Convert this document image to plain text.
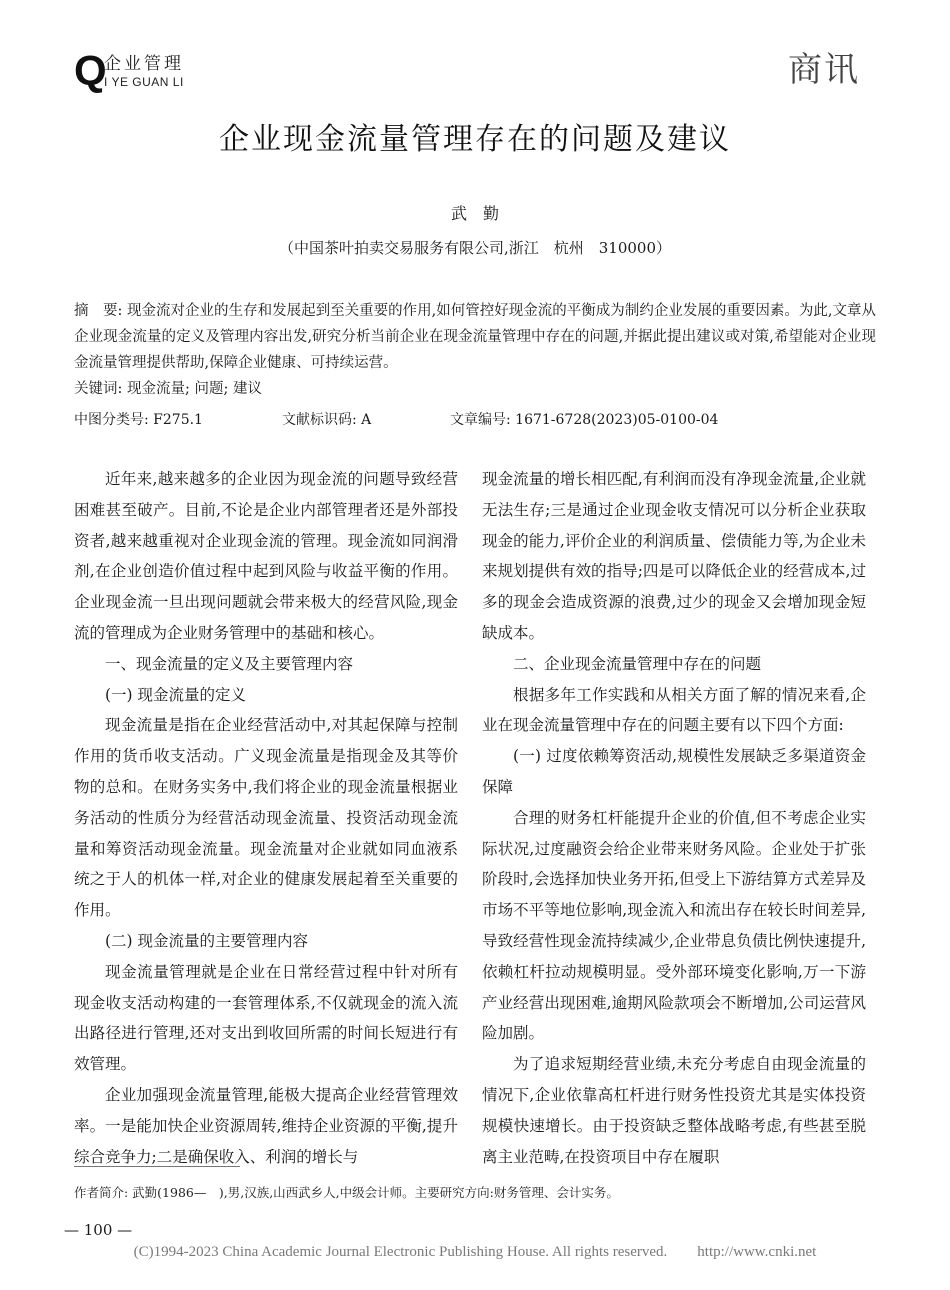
Q
企业管理
I YE GUAN LI	商讯
企业现金流量管理存在的问题及建议
武　勤
（中国茶叶拍卖交易服务有限公司,浙江　杭州　310000）
摘　要: 现金流对企业的生存和发展起到至关重要的作用,如何管控好现金流的平衡成为制约企业发展的重要因素。为此,文章从企业现金流量的定义及管理内容出发,研究分析当前企业在现金流量管理中存在的问题,并据此提出建议或对策,希望能对企业现金流量管理提供帮助,保障企业健康、可持续运营。
关键词: 现金流量; 问题; 建议
中图分类号: F275.1	文献标识码: A	文章编号: 1671-6728(2023)05-0100-04

近年来,越来越多的企业因为现金流的问题导致经营困难甚至破产。目前,不论是企业内部管理者还是外部投资者,越来越重视对企业现金流的管理。现金流如同润滑剂,在企业创造价值过程中起到风险与收益平衡的作用。企业现金流一旦出现问题就会带来极大的经营风险,现金流的管理成为企业财务管理中的基础和核心。

一、现金流量的定义及主要管理内容

(一) 现金流量的定义

现金流量是指在企业经营活动中,对其起保障与控制作用的货币收支活动。广义现金流量是指现金及其等价物的总和。在财务实务中,我们将企业的现金流量根据业务活动的性质分为经营活动现金流量、投资活动现金流量和筹资活动现金流量。现金流量对企业就如同血液系统之于人的机体一样,对企业的健康发展起着至关重要的作用。

(二) 现金流量的主要管理内容

现金流量管理就是企业在日常经营过程中针对所有现金收支活动构建的一套管理体系,不仅就现金的流入流出路径进行管理,还对支出到收回所需的时间长短进行有效管理。

企业加强现金流量管理,能极大提高企业经营管理效率。一是能加快企业资源周转,维持企业资源的平衡,提升综合竞争力;二是确保收入、利润的增长与

现金流量的增长相匹配,有利润而没有净现金流量,企业就无法生存;三是通过企业现金收支情况可以分析企业获取现金的能力,评价企业的利润质量、偿债能力等,为企业未来规划提供有效的指导;四是可以降低企业的经营成本,过多的现金会造成资源的浪费,过少的现金又会增加现金短缺成本。

二、企业现金流量管理中存在的问题

根据多年工作实践和从相关方面了解的情况来看,企业在现金流量管理中存在的问题主要有以下四个方面:

(一) 过度依赖筹资活动,规模性发展缺乏多渠道资金保障

合理的财务杠杆能提升企业的价值,但不考虑企业实际状况,过度融资会给企业带来财务风险。企业处于扩张阶段时,会选择加快业务开拓,但受上下游结算方式差异及市场不平等地位影响,现金流入和流出存在较长时间差异,导致经营性现金流持续减少,企业带息负债比例快速提升,依赖杠杆拉动规模明显。受外部环境变化影响,万一下游产业经营出现困难,逾期风险款项会不断增加,公司运营风险加剧。

为了追求短期经营业绩,未充分考虑自由现金流量的情况下,企业依靠高杠杆进行财务性投资尤其是实体投资规模快速增长。由于投资缺乏整体战略考虑,有些甚至脱离主业范畴,在投资项目中存在履职

作者简介: 武勤(1986—　),男,汉族,山西武乡人,中级会计师。主要研究方向:财务管理、会计实务。
— 100 —
(C)1994-2023 China Academic Journal Electronic Publishing House. All rights reserved.　　http://www.cnki.net
